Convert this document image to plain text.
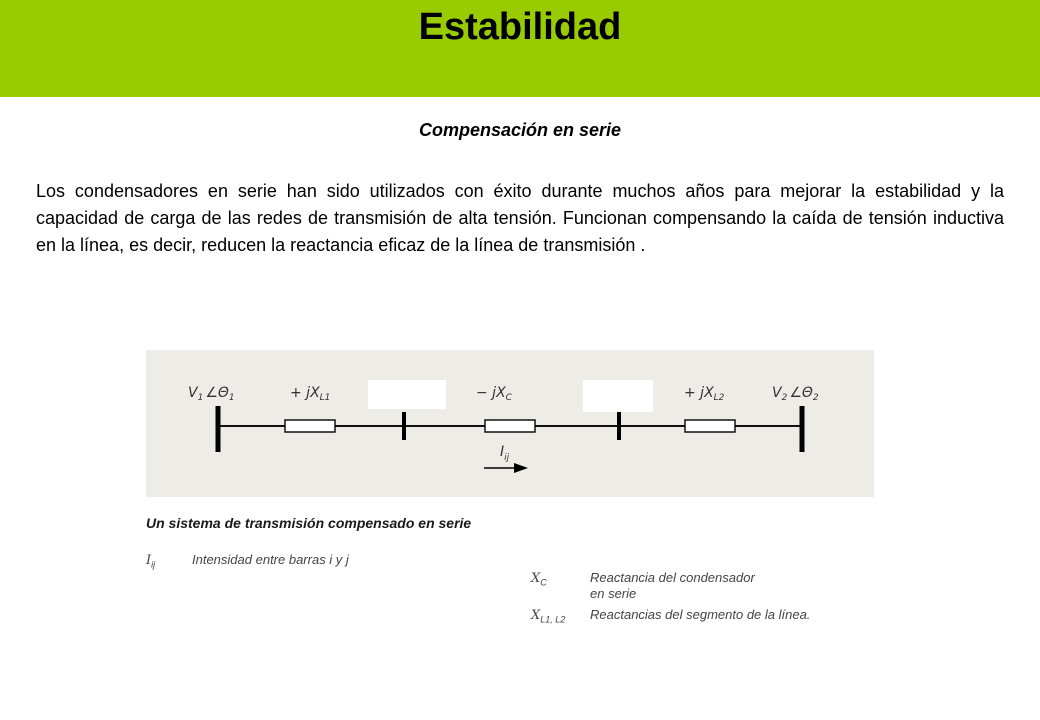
Estabilidad
Compensación en serie
Los condensadores en serie han sido utilizados con éxito durante muchos años para mejorar la estabilidad y la capacidad de carga de las redes de transmisión de alta tensión. Funcionan compensando la caída de tensión inductiva en la línea, es decir, reducen la reactancia eficaz de la línea de transmisión .
$V_1$ $\angle\Theta_1$	+ $jX_{L1}$	− $jX_C$	+ $jX_{L2}$	$V_2$ $\angle\Theta_2$
$I_{ij}$
Un sistema de transmisión compensado en serie
$I_{ij}$	Intensidad entre barras i y j
$X_C$	Reactancia del condensador
en serie
$X_{L1, L2}$ Reactancias del segmento de la línea.
